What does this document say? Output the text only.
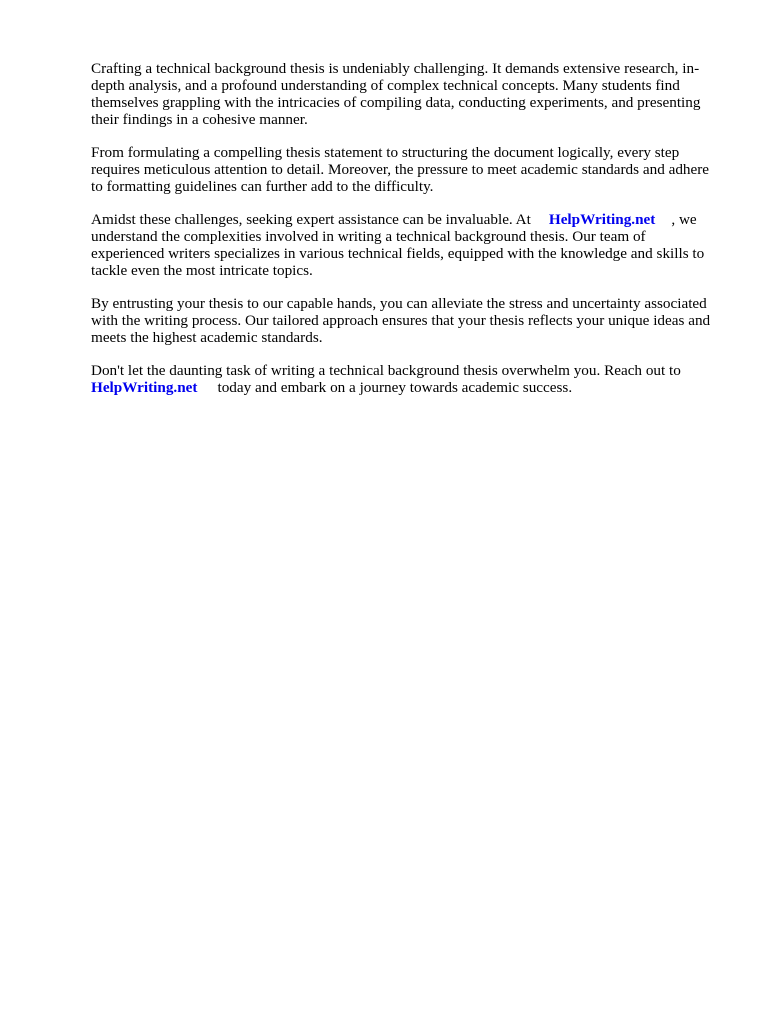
Crafting a technical background thesis is undeniably challenging. It demands extensive research, in-depth analysis, and a profound understanding of complex technical concepts. Many students find themselves grappling with the intricacies of compiling data, conducting experiments, and presenting their findings in a cohesive manner.

From formulating a compelling thesis statement to structuring the document logically, every step requires meticulous attention to detail. Moreover, the pressure to meet academic standards and adhere to formatting guidelines can further add to the difficulty.

Amidst these challenges, seeking expert assistance can be invaluable. At HelpWriting.net , we understand the complexities involved in writing a technical background thesis. Our team of experienced writers specializes in various technical fields, equipped with the knowledge and skills to tackle even the most intricate topics.

By entrusting your thesis to our capable hands, you can alleviate the stress and uncertainty associated with the writing process. Our tailored approach ensures that your thesis reflects your unique ideas and meets the highest academic standards.

Don't let the daunting task of writing a technical background thesis overwhelm you. Reach out to HelpWriting.net today and embark on a journey towards academic success.
